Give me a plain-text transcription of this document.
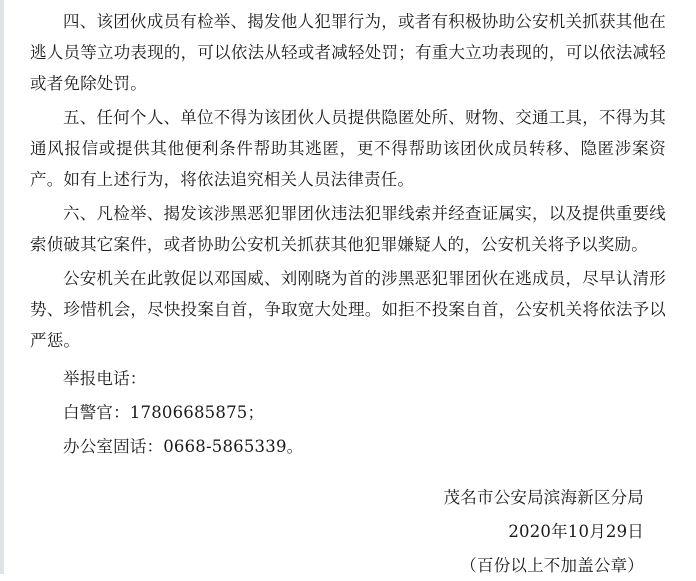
四、该团伙成员有检举、揭发他人犯罪行为，或者有积极协助公安机关抓获其他在逃人员等立功表现的，可以依法从轻或者减轻处罚；有重大立功表现的，可以依法减轻或者免除处罚。

五、任何个人、单位不得为该团伙人员提供隐匿处所、财物、交通工具，不得为其通风报信或提供其他便利条件帮助其逃匿，更不得帮助该团伙成员转移、隐匿涉案资产。如有上述行为，将依法追究相关人员法律责任。

六、凡检举、揭发该涉黑恶犯罪团伙违法犯罪线索并经查证属实，以及提供重要线索侦破其它案件，或者协助公安机关抓获其他犯罪嫌疑人的，公安机关将予以奖励。

公安机关在此敦促以邓国威、刘刚晓为首的涉黑恶犯罪团伙在逃成员，尽早认清形势、珍惜机会，尽快投案自首，争取宽大处理。如拒不投案自首，公安机关将依法予以严惩。

举报电话：

白警官：17806685875；

办公室固话：0668-5865339。

茂名市公安局滨海新区分局

2020年10月29日

（百份以上不加盖公章）
